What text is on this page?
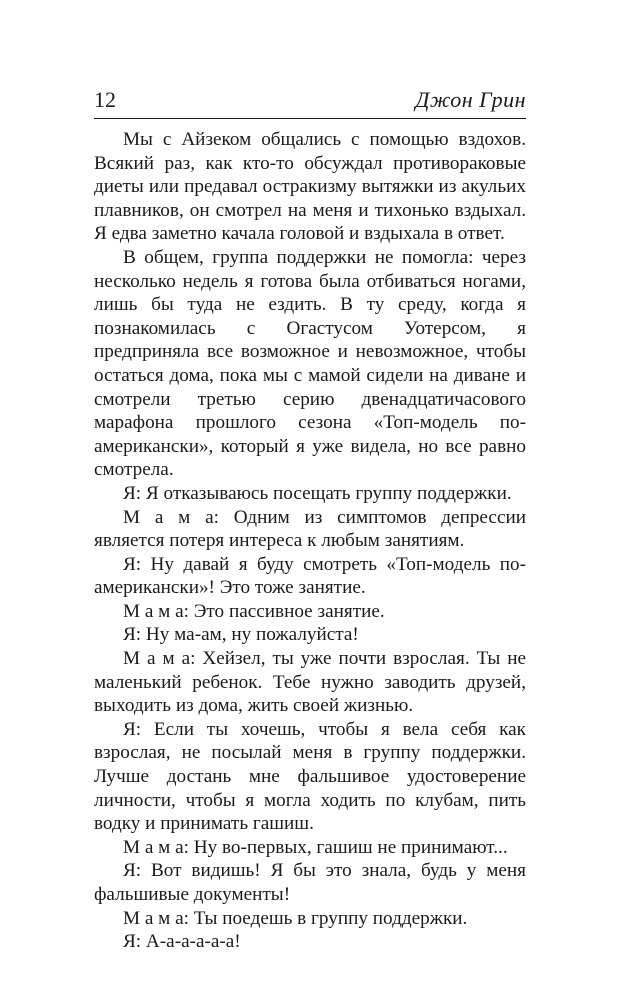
12	Джон Грин

Мы с Айзеком общались с помощью вздохов. Всякий раз, как кто-то обсуждал противораковые диеты или предавал остракизму вытяжки из акульих плавников, он смотрел на меня и тихонько вздыхал. Я едва заметно качала головой и вздыхала в ответ.

В общем, группа поддержки не помогла: через несколько недель я готова была отбиваться ногами, лишь бы туда не ездить. В ту среду, когда я познакомилась с Огастусом Уотерсом, я предприняла все возможное и невозможное, чтобы остаться дома, пока мы с мамой сидели на диване и смотрели третью серию двенадцатичасового марафона прошлого сезона «Топ-модель по-американски», который я уже видела, но все равно смотрела.

Я: Я отказываюсь посещать группу поддержки.

М а м а: Одним из симптомов депрессии является потеря интереса к любым занятиям.

Я: Ну давай я буду смотреть «Топ-модель по-американски»! Это тоже занятие.

М а м а: Это пассивное занятие.

Я: Ну ма-ам, ну пожалуйста!

М а м а: Хейзел, ты уже почти взрослая. Ты не маленький ребенок. Тебе нужно заводить друзей, выходить из дома, жить своей жизнью.

Я: Если ты хочешь, чтобы я вела себя как взрослая, не посылай меня в группу поддержки. Лучше достань мне фальшивое удостоверение личности, чтобы я могла ходить по клубам, пить водку и принимать гашиш.

М а м а: Ну во-первых, гашиш не принимают...

Я: Вот видишь! Я бы это знала, будь у меня фальшивые документы!

М а м а: Ты поедешь в группу поддержки.

Я: А-а-а-а-а-а!
